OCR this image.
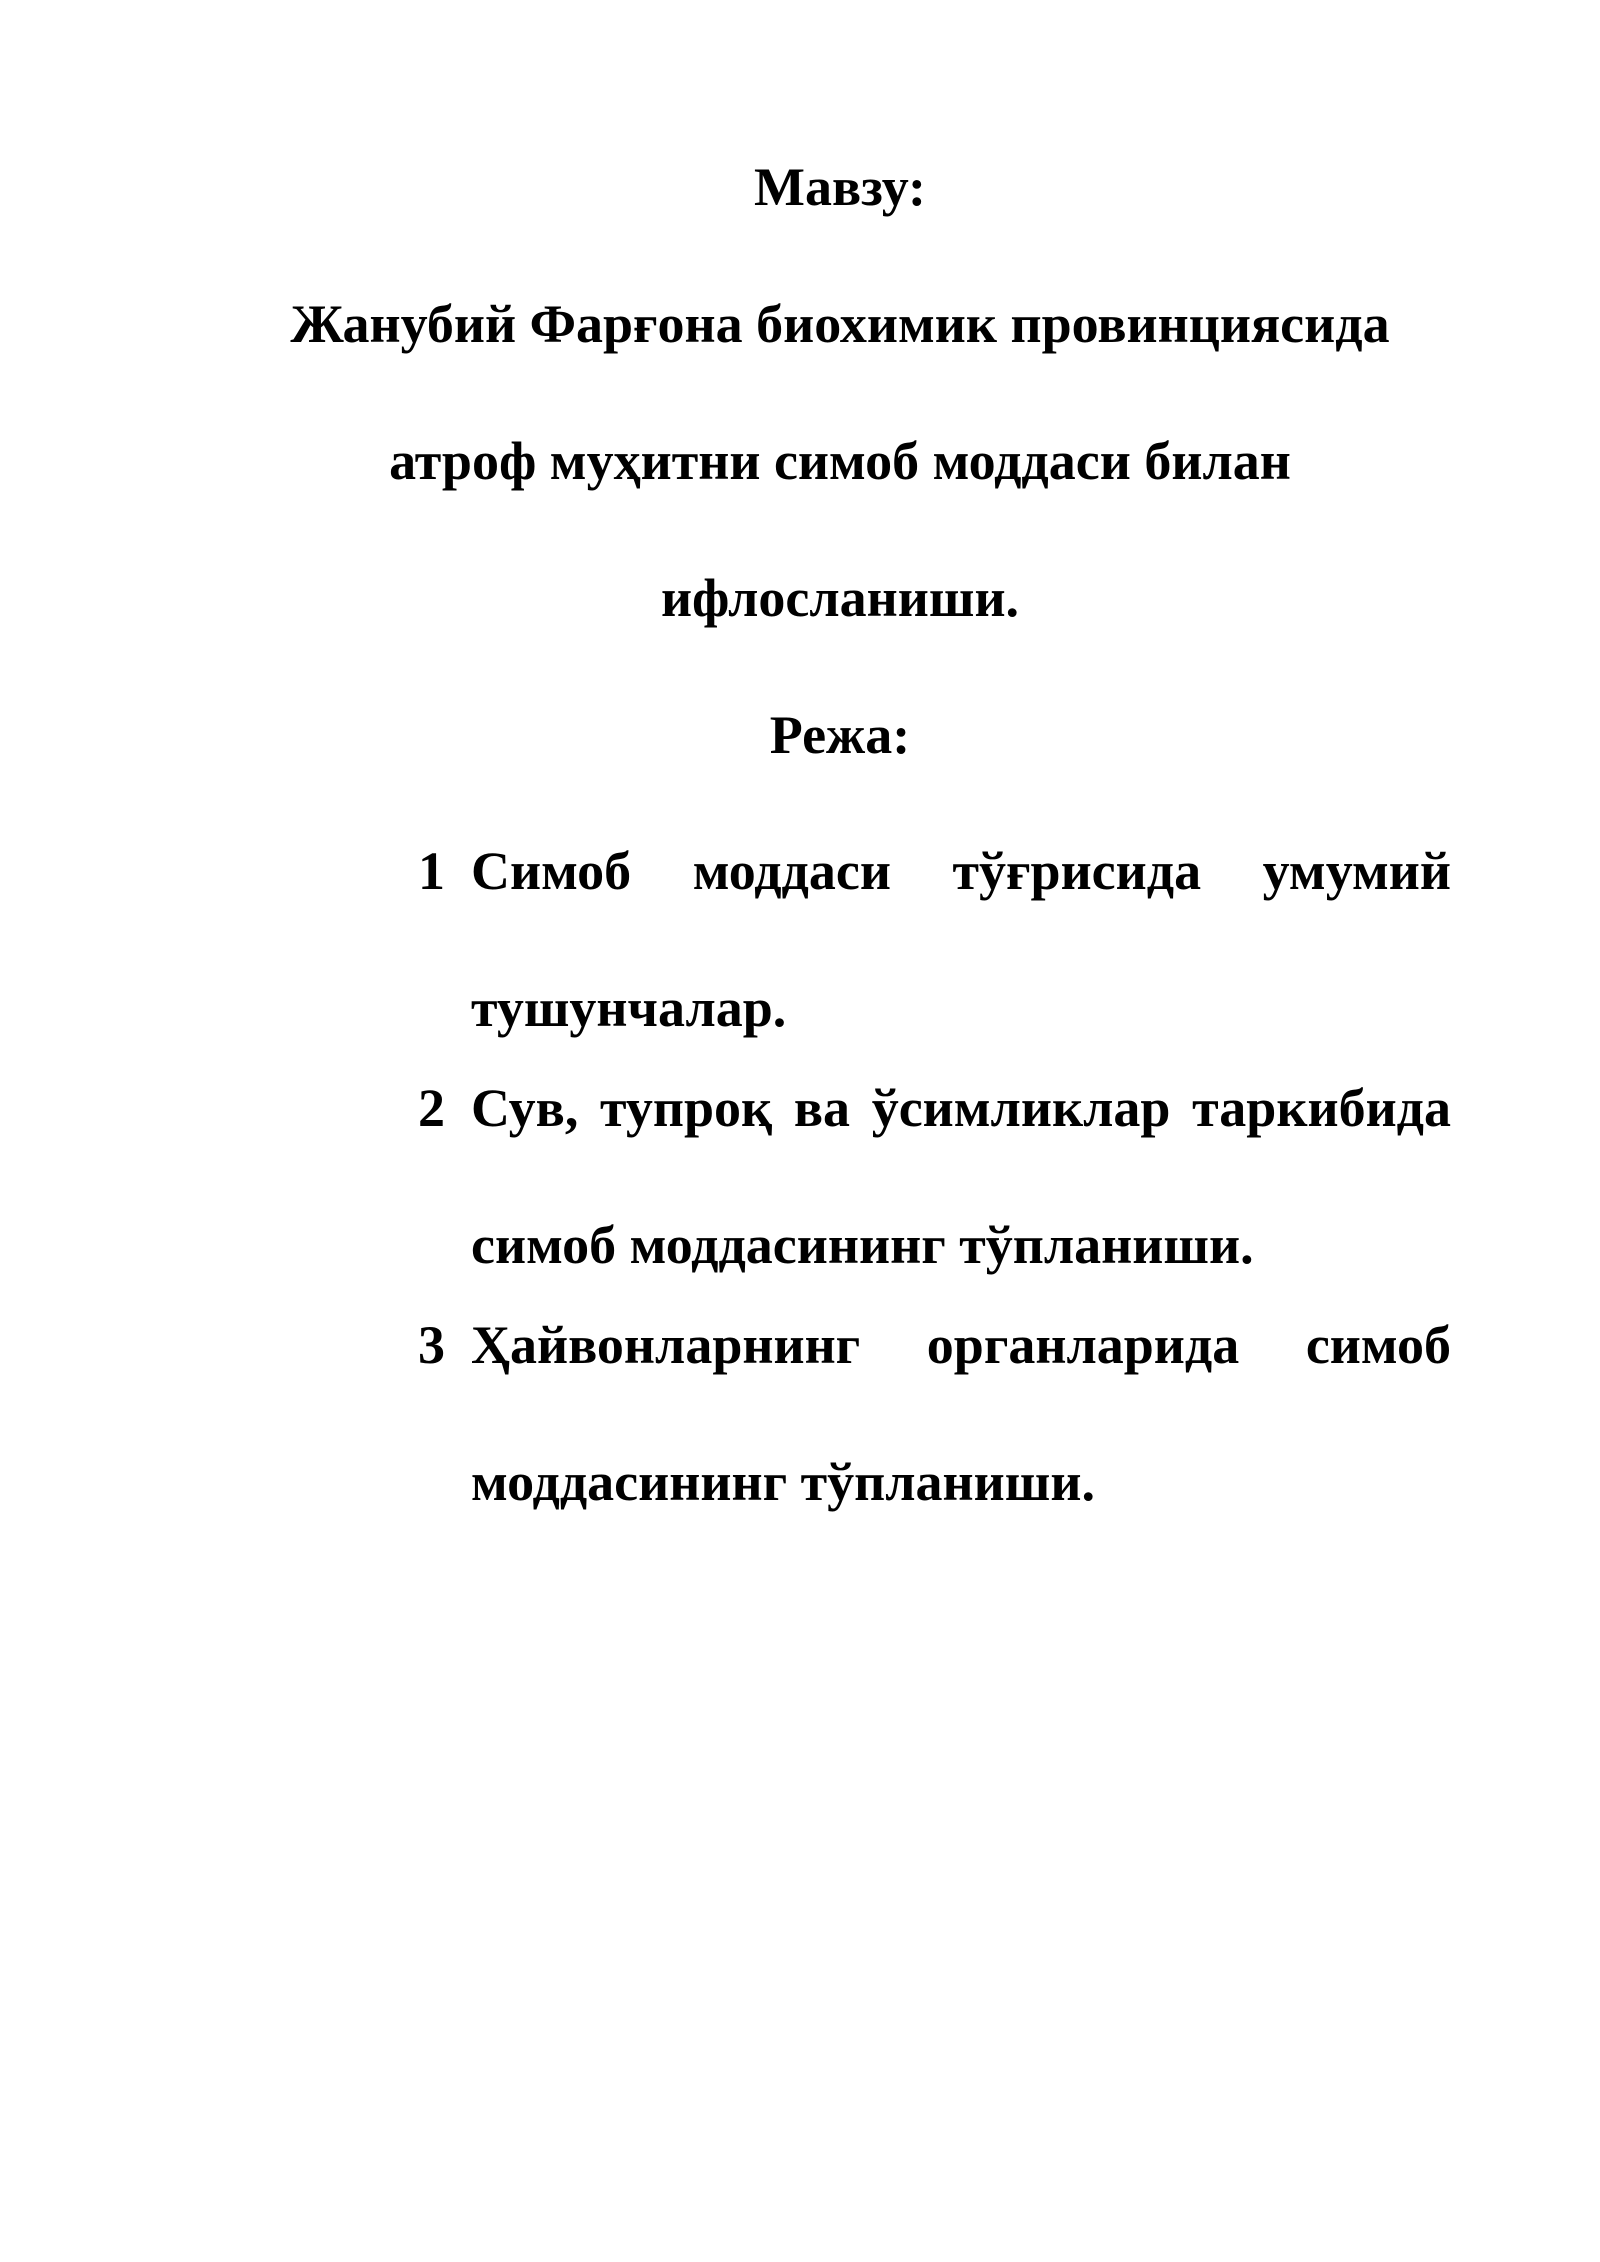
Мавзу:
Жанубий Фарғона биохимик провинциясида
атроф муҳитни симоб моддаси билан
ифлосланиши.
Режа:
1 Симоб моддаси тўғрисида умумий тушунчалар.
2 Сув, тупроқ ва ўсимликлар таркибида симоб моддасининг тўпланиши.
3 Ҳайвонларнинг органларида симоб моддасининг тўпланиши.
